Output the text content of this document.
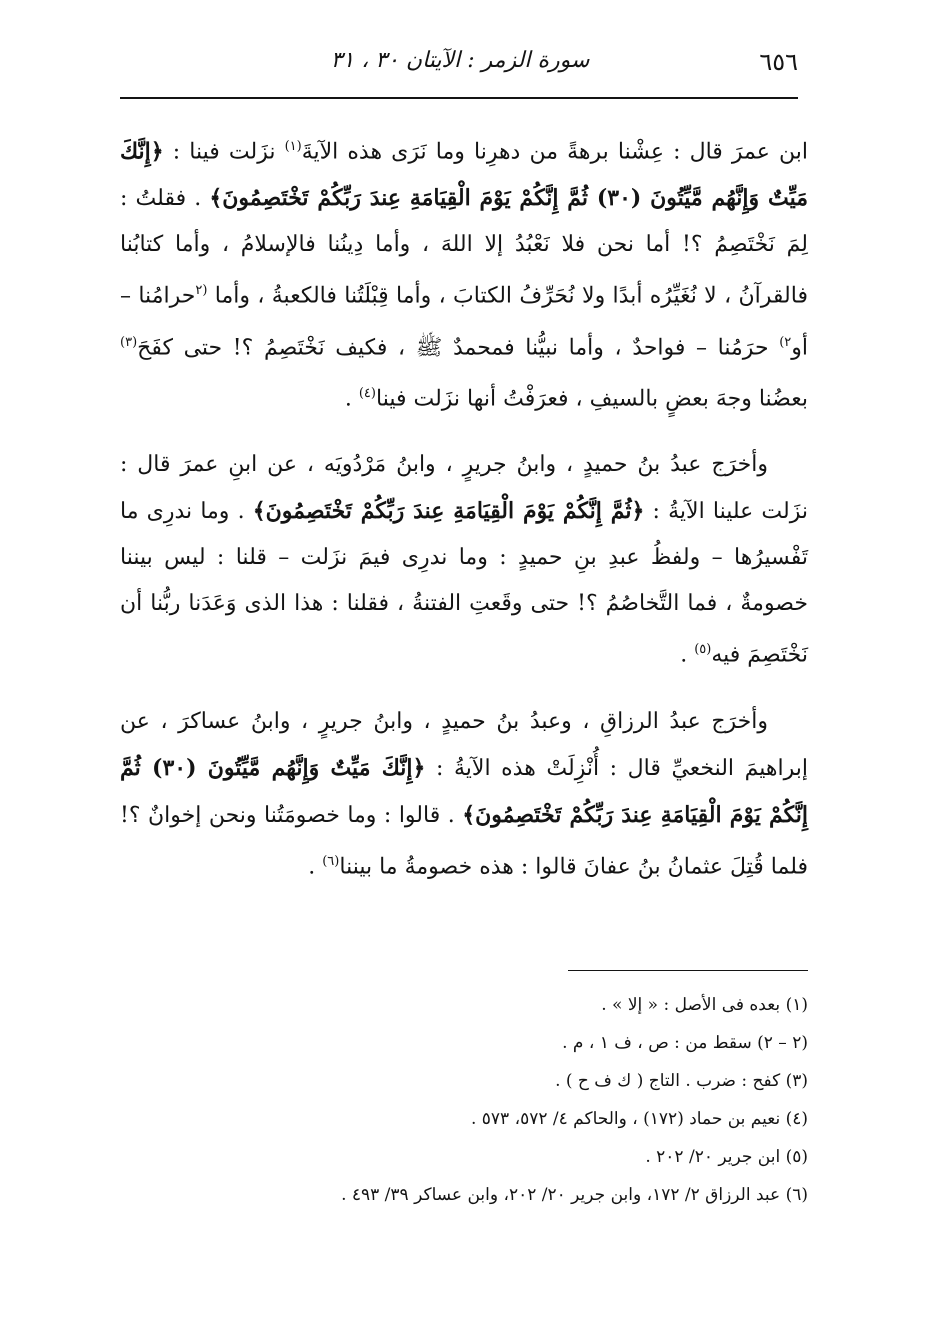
٦٥٦
سورة الزمر : الآيتان ٣٠ ، ٣١

ابن عمرَ قال : عِشْنا برهةً من دهرِنا وما نَرَى هذه الآيةَ$^{(١)}$ نزَلت فينا : ﴿إِنَّكَ مَيِّتٌ وَإِنَّهُم مَّيِّتُونَ (٣٠) ثُمَّ إِنَّكُمْ يَوْمَ الْقِيَامَةِ عِندَ رَبِّكُمْ تَخْتَصِمُونَ﴾ . فقلتُ : لِمَ نَخْتَصِمُ ؟! أما نحن فلا نَعْبُدُ إلا اللهَ ، وأما دِينُنا فالإسلامُ ، وأما كتابُنا فالقرآنُ ، لا نُغَيِّرُه أبدًا ولا نُحَرِّفُ الكتابَ ، وأما قِبْلَتُنا فالكعبةُ ، وأما $^{(٢}$حرامُنا – أو$^{٢)}$ حرَمُنا – فواحدٌ ، وأما نبيُّنا فمحمدٌ ﷺ ، فكيف نَخْتَصِمُ ؟! حتى كفَحَ$^{(٣)}$ بعضُنا وجهَ بعضٍ بالسيفِ ، فعرَفْتُ أنها نزَلت فينا$^{(٤)}$ .

وأخرَج عبدُ بنُ حميدٍ ، وابنُ جريرٍ ، وابنُ مَرْدُويَه ، عن ابنِ عمرَ قال : نزَلت علينا الآيةُ : ﴿ثُمَّ إِنَّكُمْ يَوْمَ الْقِيَامَةِ عِندَ رَبِّكُمْ تَخْتَصِمُونَ﴾ . وما ندرِى ما تَفْسيرُها – ولفظُ عبدِ بنِ حميدٍ : وما ندرِى فيمَ نزَلت – قلنا : ليس بيننا خصومةٌ ، فما التَّخاصُمُ ؟! حتى وقَعتِ الفتنةُ ، فقلنا : هذا الذى وَعَدَنا ربُّنا أن نَخْتَصِمَ فيه$^{(٥)}$ .

وأخرَج عبدُ الرزاقِ ، وعبدُ بنُ حميدٍ ، وابنُ جريرٍ ، وابنُ عساكرَ ، عن إبراهيمَ النخعيِّ قال : أُنْزِلَتْ هذه الآيةُ : ﴿إِنَّكَ مَيِّتٌ وَإِنَّهُم مَّيِّتُونَ (٣٠) ثُمَّ إِنَّكُمْ يَوْمَ الْقِيَامَةِ عِندَ رَبِّكُمْ تَخْتَصِمُونَ﴾ . قالوا : وما خصومَتُنا ونحن إخوانٌ ؟! فلما قُتِلَ عثمانُ بنُ عفانَ قالوا : هذه خصومةُ ما بيننا$^{(٦)}$ .

(١) بعده فى الأصل : « إلا » .

(٢ – ٢) سقط من : ص ، ف ١ ، م .

(٣) كفح : ضرب . التاج ( ك ف ح ) .

(٤) نعيم بن حماد (١٧٢) ، والحاكم ٤/ ٥٧٢، ٥٧٣ .

(٥) ابن جرير ٢٠/ ٢٠٢ .

(٦) عبد الرزاق ٢/ ١٧٢، وابن جرير ٢٠/ ٢٠٢، وابن عساكر ٣٩/ ٤٩٣ .
